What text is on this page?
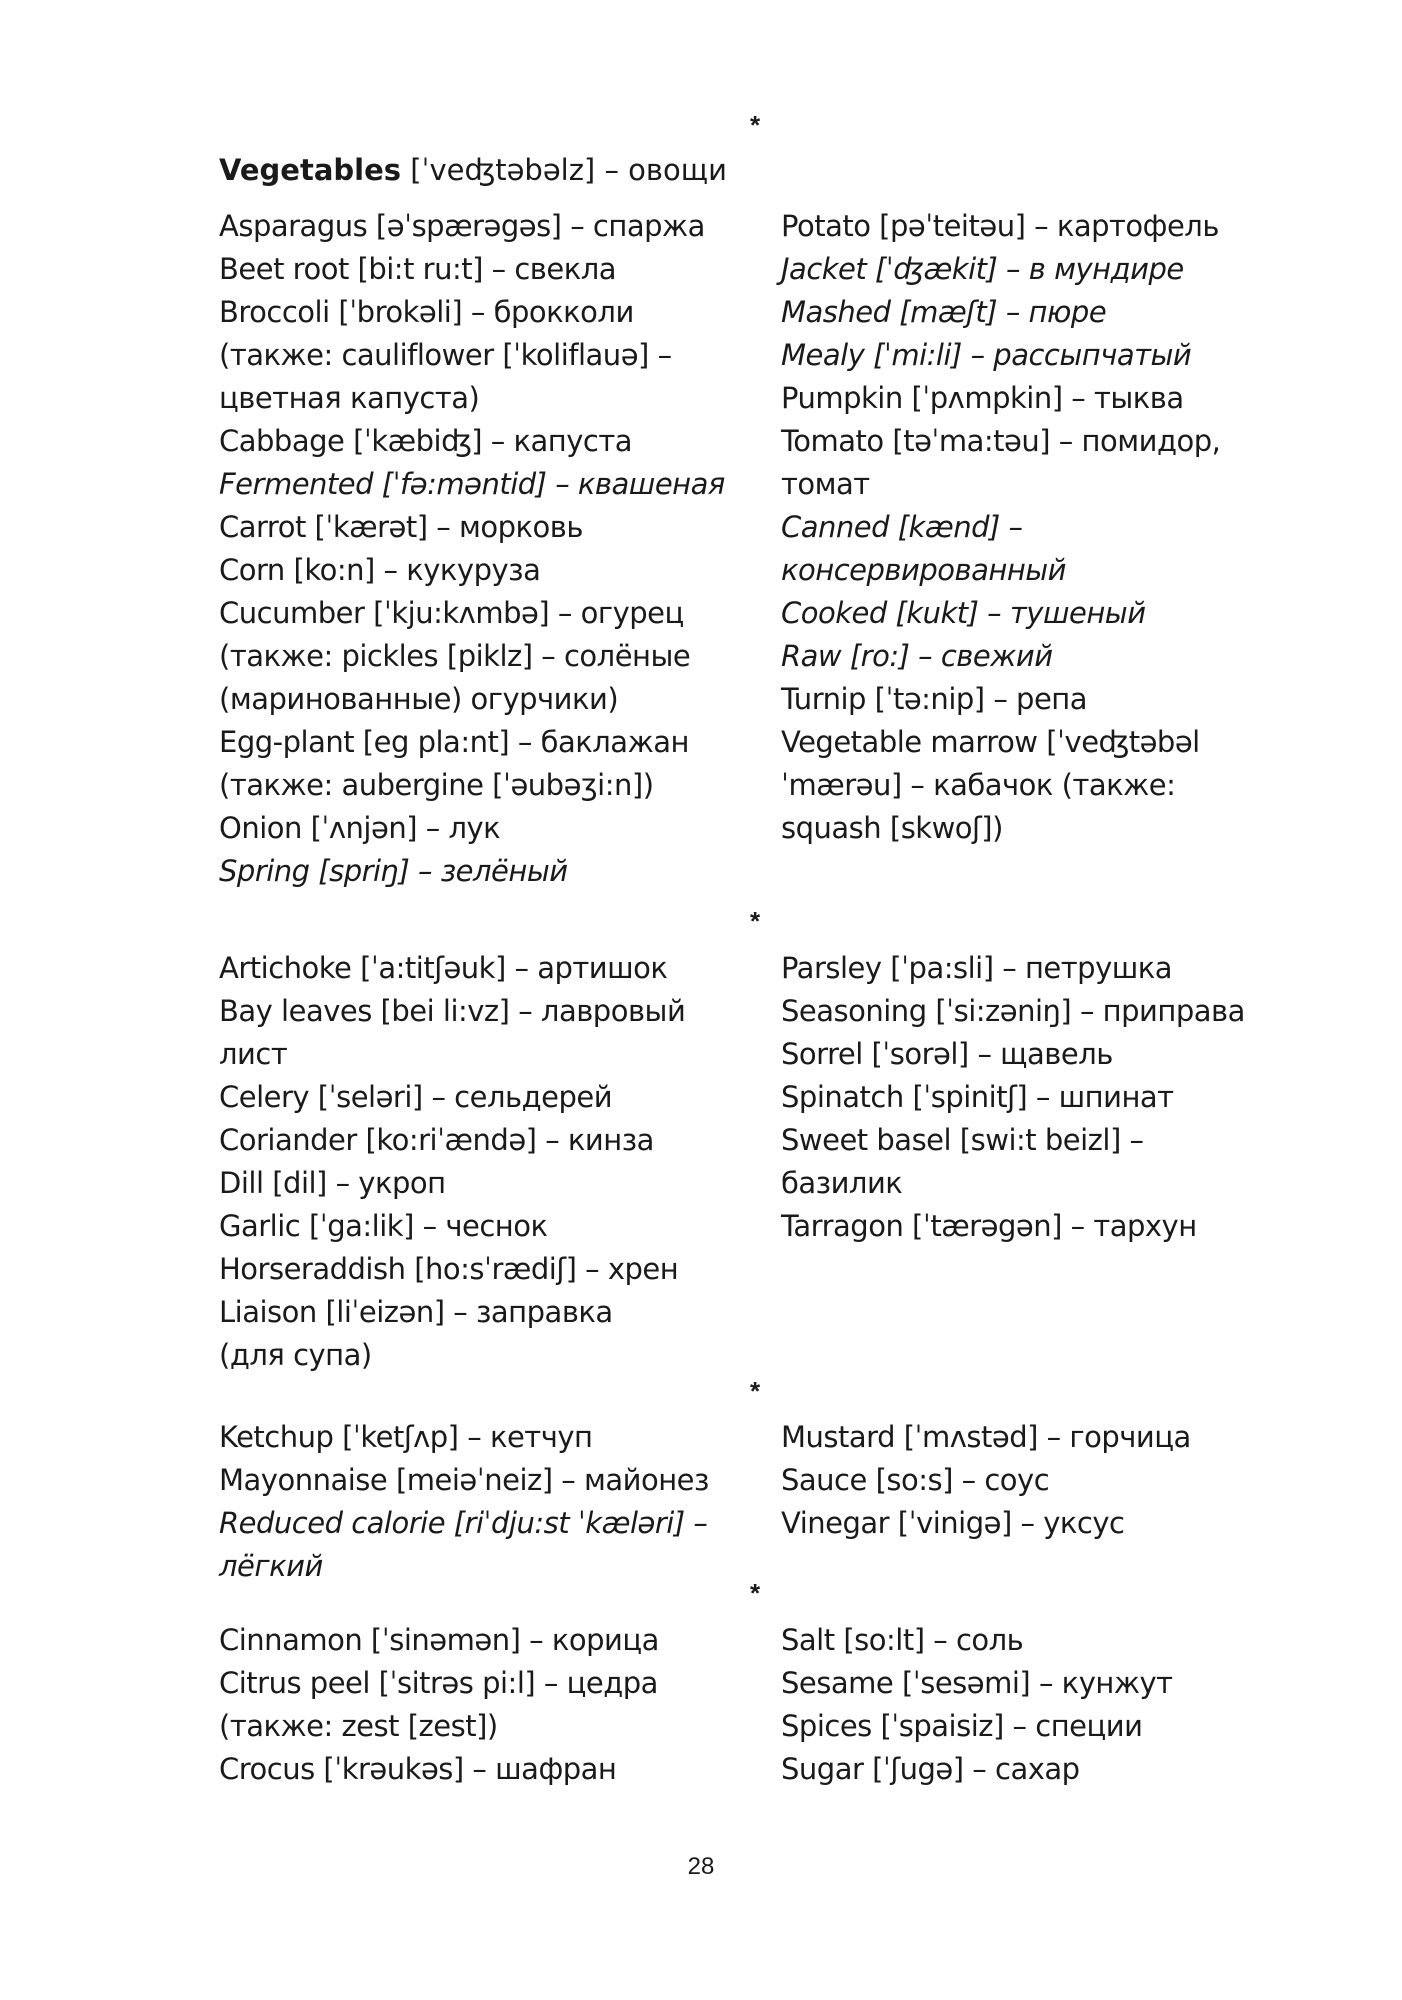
*
Vegetables [ˈveʤtəbəlz] – овощи
Asparagus [əˈspærəgəs] – спаржа
Beet root [bi:t ru:t] – свекла
Broccoli [ˈbrokəli] – брокколи
(также: cauliflower [ˈkoliflauə] –
цветная капуста)
Cabbage [ˈkæbiʤ] – капуста
Fermented [ˈfə:məntid] – квашеная
Carrot [ˈkærət] – морковь
Corn [ko:n] – кукуруза
Cucumber [ˈkju:kʌmbə] – огурец
(также: pickles [piklz] – солёные
(маринованные) огурчики)
Egg-plant [eg pla:nt] – баклажан
(также: aubergine [ˈəubəʒi:n])
Onion [ˈʌnjən] – лук
Spring [spriŋ] – зелёный
Potato [pəˈteitəu] – картофель
Jacket [ˈʤækit] – в мундире
Mashed [mæʃt] – пюре
Mealy [ˈmi:li] – рассыпчатый
Pumpkin [ˈpʌmpkin] – тыква
Tomato [təˈma:təu] – помидор,
томат
Canned [kænd] –
консервированный
Cooked [kukt] – тушеный
Raw [ro:] – свежий
Turnip [ˈtə:nip] – репа
Vegetable marrow [ˈveʤtəbəl
ˈmærəu] – кабачок (также:
squash [skwoʃ])
*
Artichoke [ˈa:titʃəuk] – артишок
Bay leaves [bei li:vz] – лавровый
лист
Celery [ˈseləri] – сельдерей
Coriander [ko:riˈændə] – кинза
Dill [dil] – укроп
Garlic [ˈga:lik] – чеснок
Horseraddish [ho:sˈrædiʃ] – хрен
Liaison [liˈeizən] – заправка
(для супа)
Parsley [ˈpa:sli] – петрушка
Seasoning [ˈsi:zəniŋ] – приправа
Sorrel [ˈsorəl] – щавель
Spinatch [ˈspinitʃ] – шпинат
Sweet basel [swi:t beizl] –
базилик
Tarragon [ˈtærəgən] – тархун
*
Ketchup [ˈketʃʌp] – кетчуп
Mayonnaise [meiəˈneiz] – майонез
Reduced calorie [riˈdju:st ˈkæləri] –
лёгкий
Mustard [ˈmʌstəd] – горчица
Sauce [so:s] – соус
Vinegar [ˈvinigə] – уксус
*
Cinnamon [ˈsinəmən] – корица
Citrus peel [ˈsitrəs pi:l] – цедра
(также: zest [zest])
Crocus [ˈkrəukəs] – шафран
Salt [so:lt] – соль
Sesame [ˈsesəmi] – кунжут
Spices [ˈspaisiz] – специи
Sugar [ˈʃugə] – сахар
28
